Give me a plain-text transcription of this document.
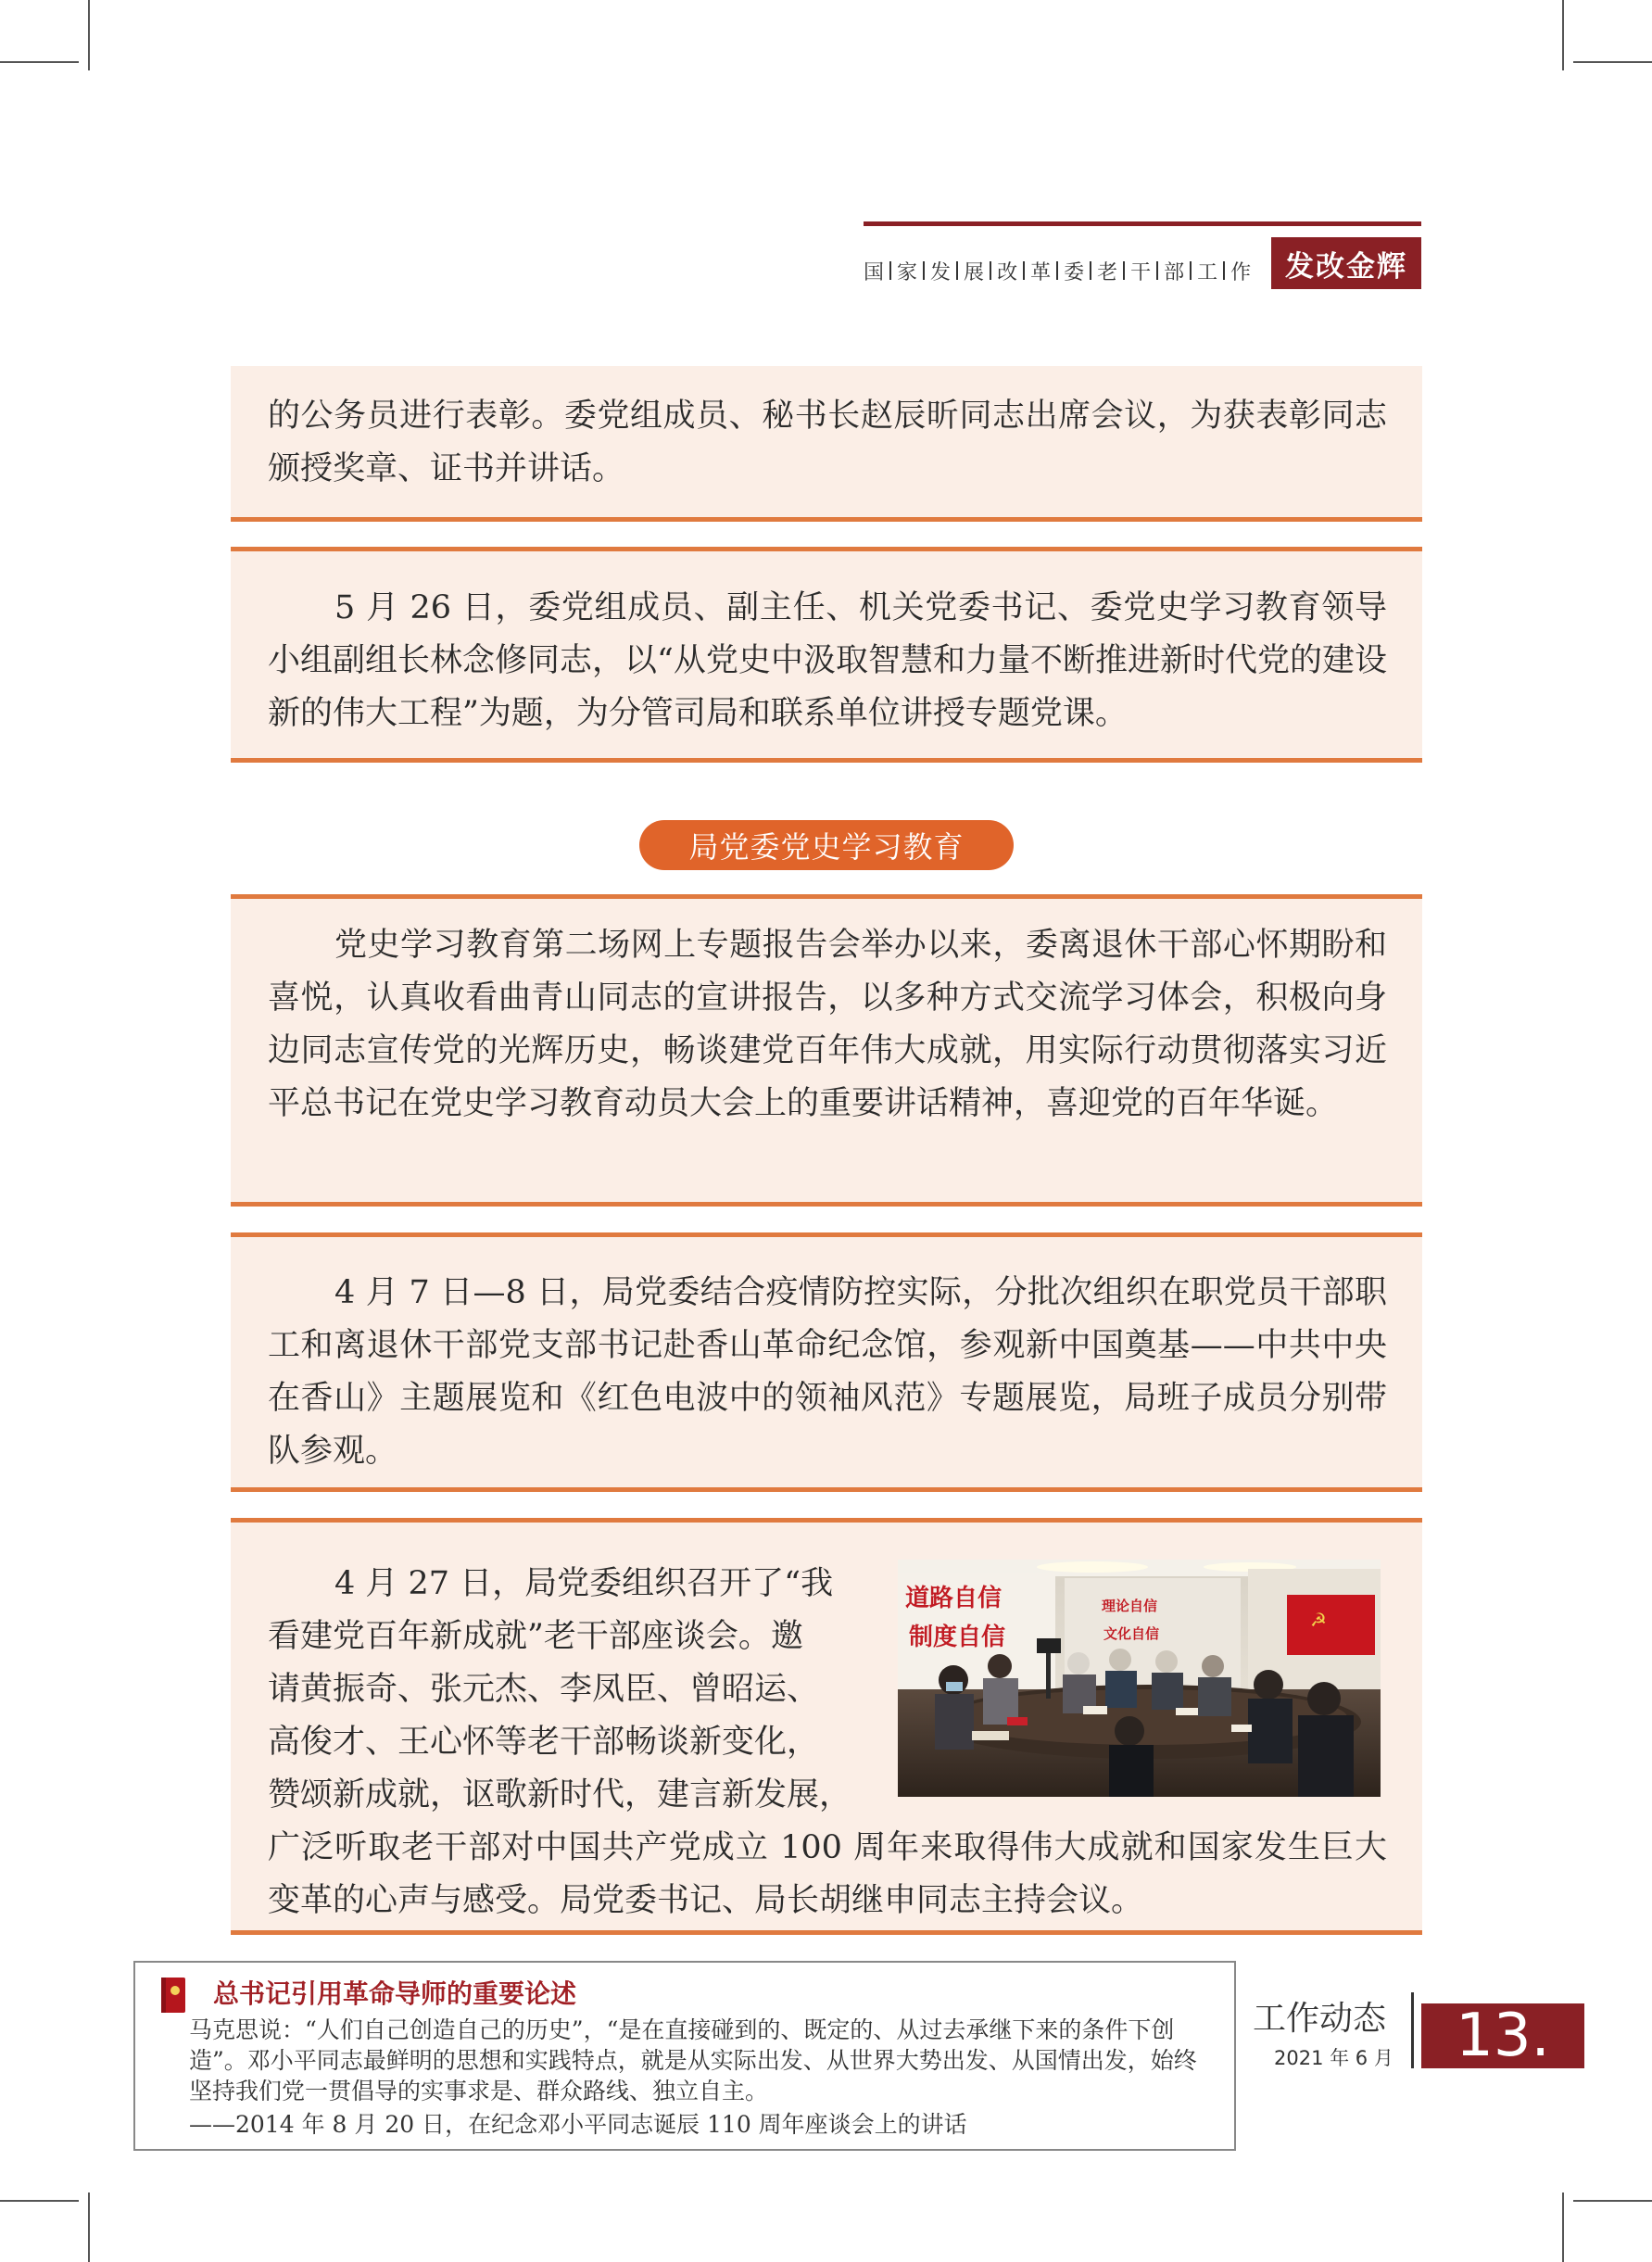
国 家 发 展 改 革 委 老 干 部 工 作	发改金辉

的公务员进行表彰。委党组成员、秘书长赵辰昕同志出席会议，为获表彰同志颁授奖章、证书并讲话。

5 月 26 日，委党组成员、副主任、机关党委书记、委党史学习教育领导小组副组长林念修同志，以“从党史中汲取智慧和力量不断推进新时代党的建设新的伟大工程”为题，为分管司局和联系单位讲授专题党课。

局党委党史学习教育

党史学习教育第二场网上专题报告会举办以来，委离退休干部心怀期盼和喜悦，认真收看曲青山同志的宣讲报告，以多种方式交流学习体会，积极向身边同志宣传党的光辉历史，畅谈建党百年伟大成就，用实际行动贯彻落实习近平总书记在党史学习教育动员大会上的重要讲话精神，喜迎党的百年华诞。

4 月 7 日—8 日，局党委结合疫情防控实际，分批次组织在职党员干部职工和离退休干部党支部书记赴香山革命纪念馆，参观新中国奠基——中共中央在香山》主题展览和《红色电波中的领袖风范》专题展览，局班子成员分别带队参观。

4 月 27 日，局党委组织召开了“我
看建党百年新成就”老干部座谈会。邀
请黄振奇、张元杰、李凤臣、曾昭运、
高俊才、王心怀等老干部畅谈新变化，
赞颂新成就，讴歌新时代，建言新发展，

广泛听取老干部对中国共产党成立 100 周年来取得伟大成就和国家发生巨大变革的心声与感受。局党委书记、局长胡继申同志主持会议。

☭
道路自信
制度自信
理论自信
文化自信
总书记引用革命导师的重要论述
马克思说：“人们自己创造自己的历史”，“是在直接碰到的、既定的、从过去承继下来的条件下创造”。邓小平同志最鲜明的思想和实践特点，就是从实际出发、从世界大势出发、从国情出发，始终坚持我们党一贯倡导的实事求是、群众路线、独立自主。
——2014 年 8 月 20 日，在纪念邓小平同志诞辰 110 周年座谈会上的讲话
工作动态
2021 年 6 月	13.
